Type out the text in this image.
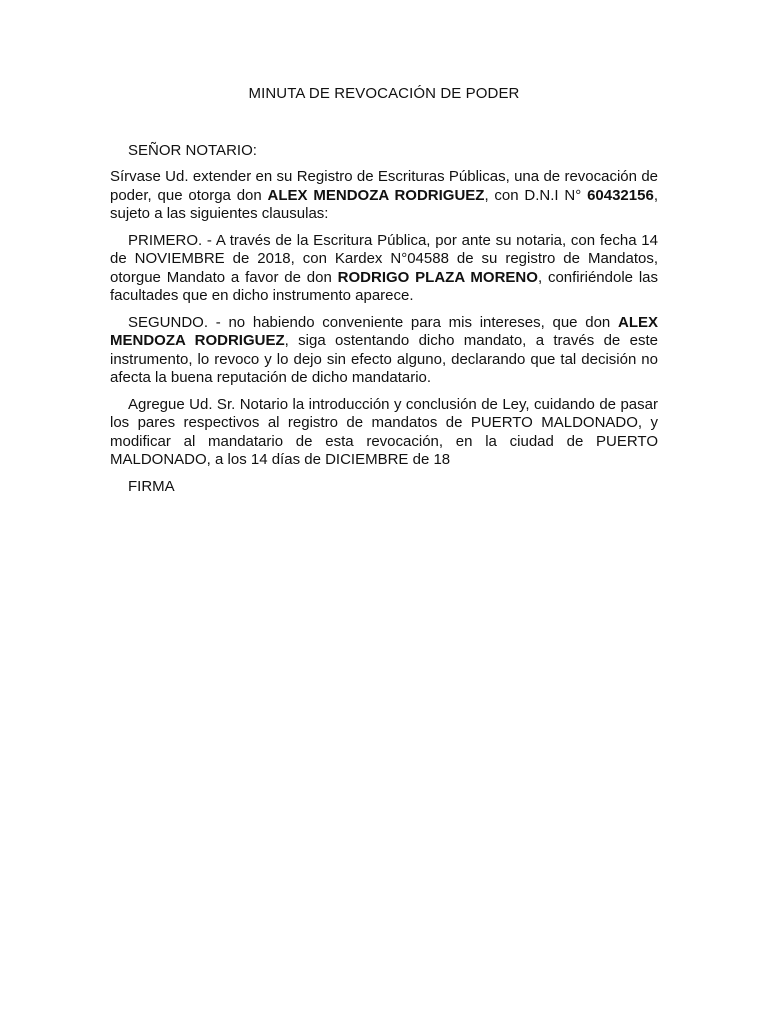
MINUTA DE REVOCACIÓN DE PODER
SEÑOR NOTARIO:

Sírvase Ud. extender en su Registro de Escrituras Públicas, una de revocación de poder, que otorga don ALEX MENDOZA RODRIGUEZ, con D.N.I N° 60432156, sujeto a las siguientes clausulas:

PRIMERO. - A través de la Escritura Pública, por ante su notaria, con fecha 14 de NOVIEMBRE de 2018, con Kardex N°04588 de su registro de Mandatos, otorgue Mandato a favor de don RODRIGO PLAZA MORENO, confiriéndole las facultades que en dicho instrumento aparece.

SEGUNDO. - no habiendo conveniente para mis intereses, que don ALEX MENDOZA RODRIGUEZ, siga ostentando dicho mandato, a través de este instrumento, lo revoco y lo dejo sin efecto alguno, declarando que tal decisión no afecta la buena reputación de dicho mandatario.

Agregue Ud. Sr. Notario la introducción y conclusión de Ley, cuidando de pasar los pares respectivos al registro de mandatos de PUERTO MALDONADO, y modificar al mandatario de esta revocación, en la ciudad de PUERTO MALDONADO, a los 14 días de DICIEMBRE de 18

FIRMA
